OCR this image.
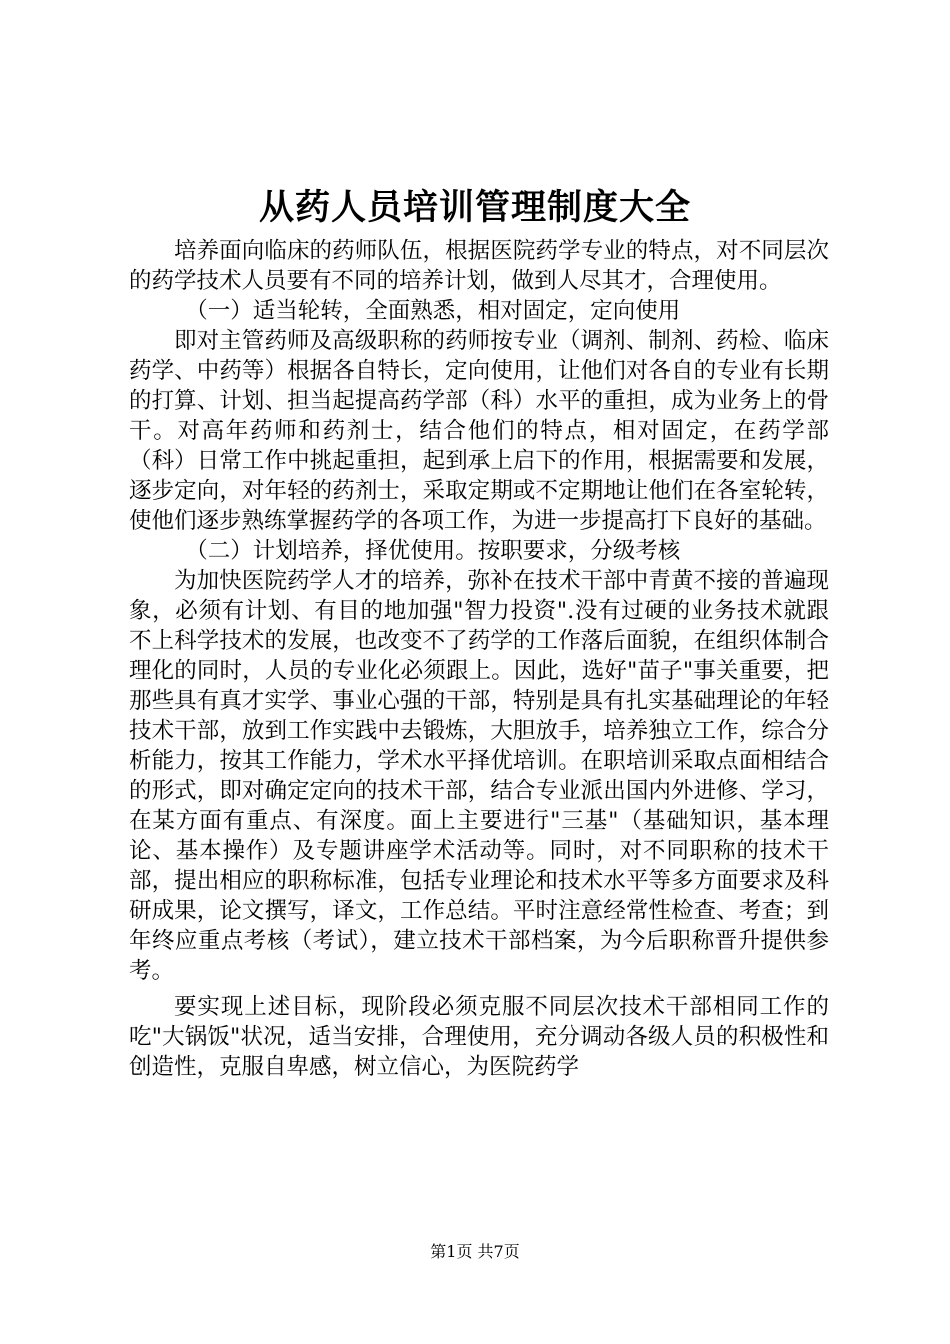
从药人员培训管理制度大全

培养面向临床的药师队伍，根据医院药学专业的特点，对不同层次的药学技术人员要有不同的培养计划，做到人尽其才，合理使用。

（一）适当轮转，全面熟悉，相对固定，定向使用

即对主管药师及高级职称的药师按专业（调剂、制剂、药检、临床药学、中药等）根据各自特长，定向使用，让他们对各自的专业有长期的打算、计划、担当起提高药学部（科）水平的重担，成为业务上的骨干。对高年药师和药剂士，结合他们的特点，相对固定，在药学部（科）日常工作中挑起重担，起到承上启下的作用，根据需要和发展，逐步定向，对年轻的药剂士，采取定期或不定期地让他们在各室轮转，使他们逐步熟练掌握药学的各项工作，为进一步提高打下良好的基础。

（二）计划培养，择优使用。按职要求，分级考核

为加快医院药学人才的培养，弥补在技术干部中青黄不接的普遍现象，必须有计划、有目的地加强"智力投资".没有过硬的业务技术就跟不上科学技术的发展，也改变不了药学的工作落后面貌，在组织体制合理化的同时，人员的专业化必须跟上。因此，选好"苗子"事关重要，把那些具有真才实学、事业心强的干部，特别是具有扎实基础理论的年轻技术干部，放到工作实践中去锻炼，大胆放手，培养独立工作，综合分析能力，按其工作能力，学术水平择优培训。在职培训采取点面相结合的形式，即对确定定向的技术干部，结合专业派出国内外进修、学习，在某方面有重点、有深度。面上主要进行"三基"（基础知识，基本理论、基本操作）及专题讲座学术活动等。同时，对不同职称的技术干部，提出相应的职称标准，包括专业理论和技术水平等多方面要求及科研成果，论文撰写，译文，工作总结。平时注意经常性检查、考查；到年终应重点考核（考试），建立技术干部档案，为今后职称晋升提供参考。

要实现上述目标，现阶段必须克服不同层次技术干部相同工作的吃"大锅饭"状况，适当安排，合理使用，充分调动各级人员的积极性和创造性，克服自卑感，树立信心，为医院药学

第1页 共7页
